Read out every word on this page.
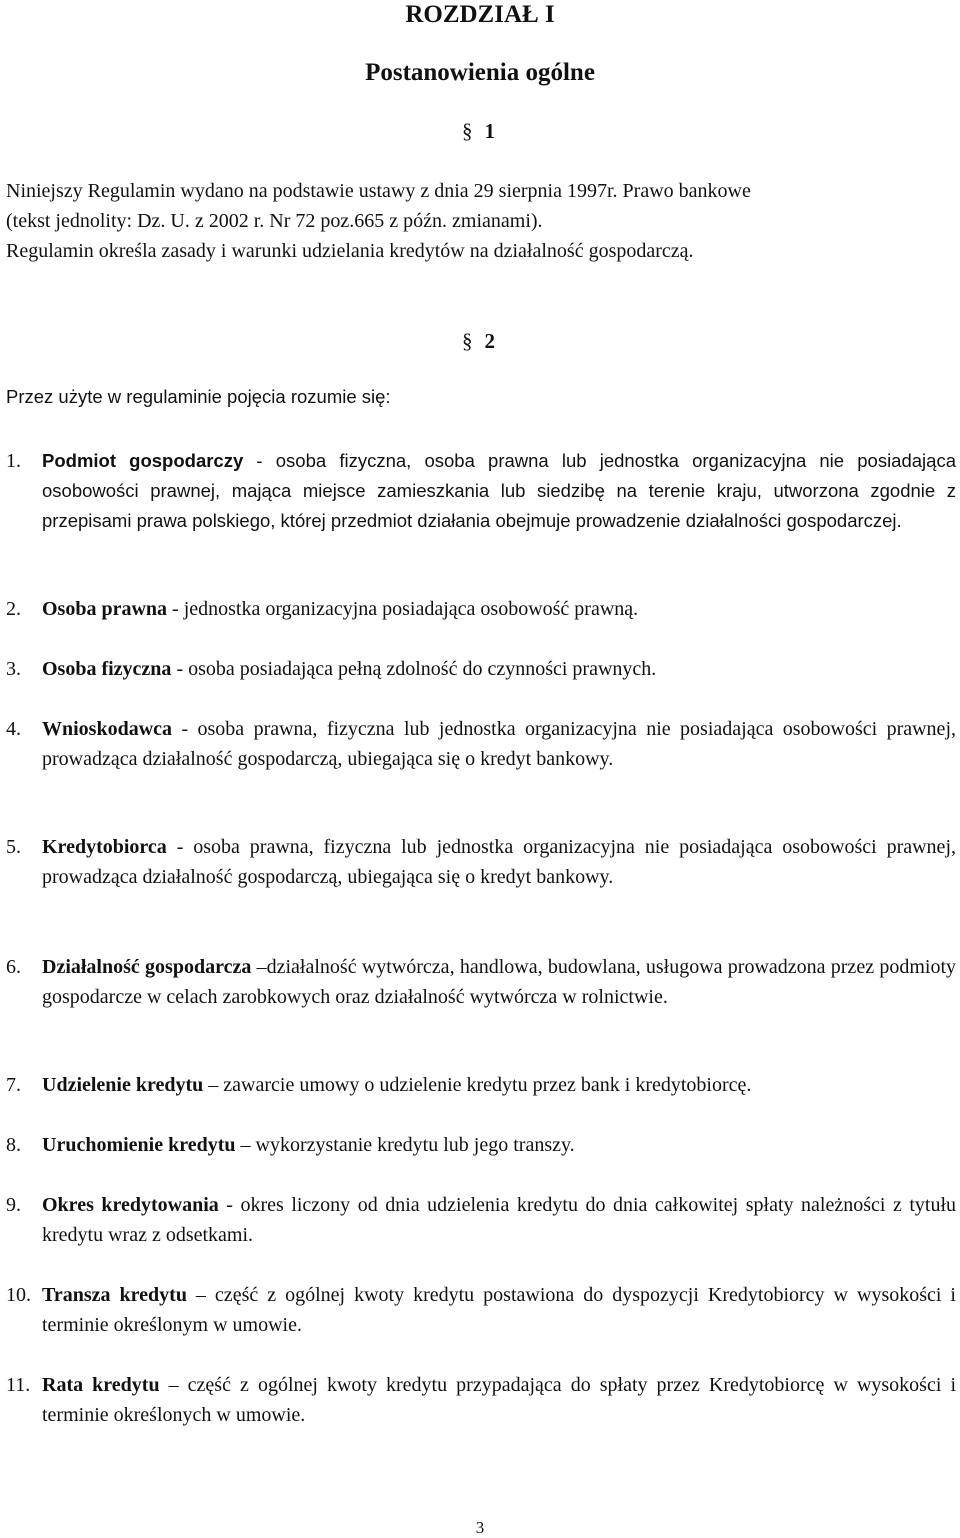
ROZDZIAŁ I
Postanowienia ogólne
§ 1
Niniejszy Regulamin wydano na podstawie ustawy z dnia 29 sierpnia 1997r. Prawo bankowe
(tekst jednolity: Dz. U. z 2002 r. Nr 72 poz.665 z późn. zmianami).
Regulamin określa zasady i warunki udzielania kredytów na działalność gospodarczą.
§ 2
Przez użyte w regulaminie pojęcia rozumie się:
1.	Podmiot gospodarczy - osoba fizyczna, osoba prawna lub jednostka organizacyjna nie posiadająca osobowości prawnej, mająca miejsce zamieszkania lub siedzibę na terenie kraju, utworzona zgodnie z przepisami prawa polskiego, której przedmiot działania obejmuje prowadzenie działalności gospodarczej.
2.	Osoba prawna - jednostka organizacyjna posiadająca osobowość prawną.
3.	Osoba fizyczna - osoba posiadająca pełną zdolność do czynności prawnych.
4.	Wnioskodawca - osoba prawna, fizyczna lub jednostka organizacyjna nie posiadająca osobowości prawnej, prowadząca działalność gospodarczą, ubiegająca się o kredyt bankowy.
5.	Kredytobiorca - osoba prawna, fizyczna lub jednostka organizacyjna nie posiadająca osobowości prawnej, prowadząca działalność gospodarczą, ubiegająca się o kredyt bankowy.
6.	Działalność gospodarcza –działalność wytwórcza, handlowa, budowlana, usługowa prowadzona przez podmioty gospodarcze w celach zarobkowych oraz działalność wytwórcza w rolnictwie.
7.	Udzielenie kredytu – zawarcie umowy o udzielenie kredytu przez bank i kredytobiorcę.
8.	Uruchomienie kredytu – wykorzystanie kredytu lub jego transzy.
9.	Okres kredytowania - okres liczony od dnia udzielenia kredytu do dnia całkowitej spłaty należności z tytułu kredytu wraz z odsetkami.
10. Transza kredytu – część z ogólnej kwoty kredytu postawiona do dyspozycji Kredytobiorcy w wysokości i terminie określonym w umowie.
11. Rata kredytu – część z ogólnej kwoty kredytu przypadająca do spłaty przez Kredytobiorcę w wysokości i terminie określonych w umowie.
3
